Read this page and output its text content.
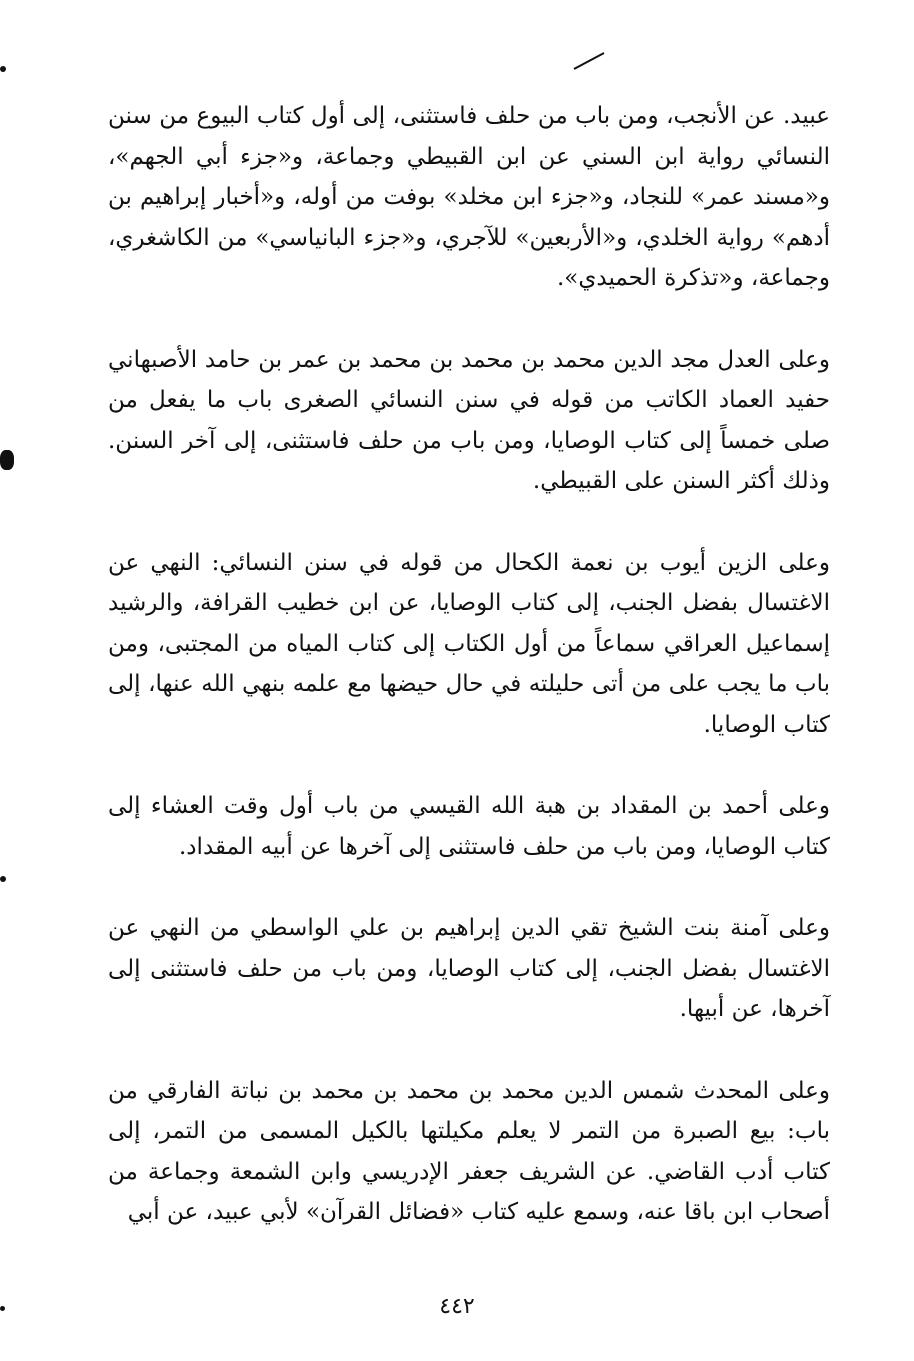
عبيد. عن الأنجب، ومن باب من حلف فاستثنى، إلى أول كتاب البيوع من سنن النسائي رواية ابن السني عن ابن القبيطي وجماعة، و«جزء أبي الجهم»، و«مسند عمر» للنجاد، و«جزء ابن مخلد» بوفت من أوله، و«أخبار إبراهيم بن أدهم» رواية الخلدي، و«الأربعين» للآجري، و«جزء البانياسي» من الكاشغري، وجماعة، و«تذكرة الحميدي».

وعلى العدل مجد الدين محمد بن محمد بن محمد بن عمر بن حامد الأصبهاني حفيد العماد الكاتب من قوله في سنن النسائي الصغرى باب ما يفعل من صلى خمساً إلى كتاب الوصايا، ومن باب من حلف فاستثنى، إلى آخر السنن. وذلك أكثر السنن على القبيطي.

وعلى الزين أيوب بن نعمة الكحال من قوله في سنن النسائي: النهي عن الاغتسال بفضل الجنب، إلى كتاب الوصايا، عن ابن خطيب القرافة، والرشيد إسماعيل العراقي سماعاً من أول الكتاب إلى كتاب المياه من المجتبى، ومن باب ما يجب على من أتى حليلته في حال حيضها مع علمه بنهي الله عنها، إلى كتاب الوصايا.

وعلى أحمد بن المقداد بن هبة الله القيسي من باب أول وقت العشاء إلى كتاب الوصايا، ومن باب من حلف فاستثنى إلى آخرها عن أبيه المقداد.

وعلى آمنة بنت الشيخ تقي الدين إبراهيم بن علي الواسطي من النهي عن الاغتسال بفضل الجنب، إلى كتاب الوصايا، ومن باب من حلف فاستثنى إلى آخرها، عن أبيها.

وعلى المحدث شمس الدين محمد بن محمد بن محمد بن نباتة الفارقي من باب: بيع الصبرة من التمر لا يعلم مكيلتها بالكيل المسمى من التمر، إلى كتاب أدب القاضي. عن الشريف جعفر الإدريسي وابن الشمعة وجماعة من أصحاب ابن باقا عنه، وسمع عليه كتاب «فضائل القرآن» لأبي عبيد، عن أبي

٤٤٢
